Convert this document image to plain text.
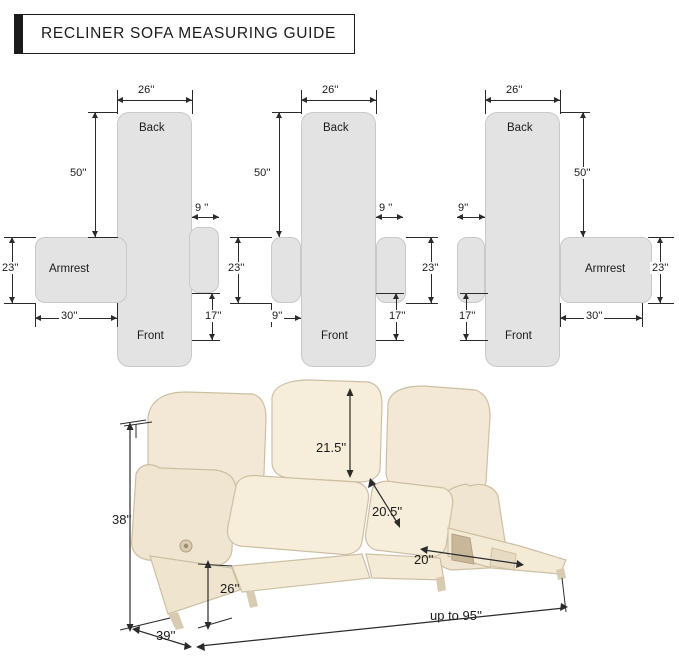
RECLINER SOFA MEASURING GUIDE
Back
Front
Armrest
26''
50''
9 ''
23''
30''	17''
Back
Front
26''
50''
9 ''
23''	23''
9''	17''
Back
Front
Armrest
26''
50''
9''
23''
17''	30''
21.5''
20.5''
20''
38''
26''
39''
up to 95''
